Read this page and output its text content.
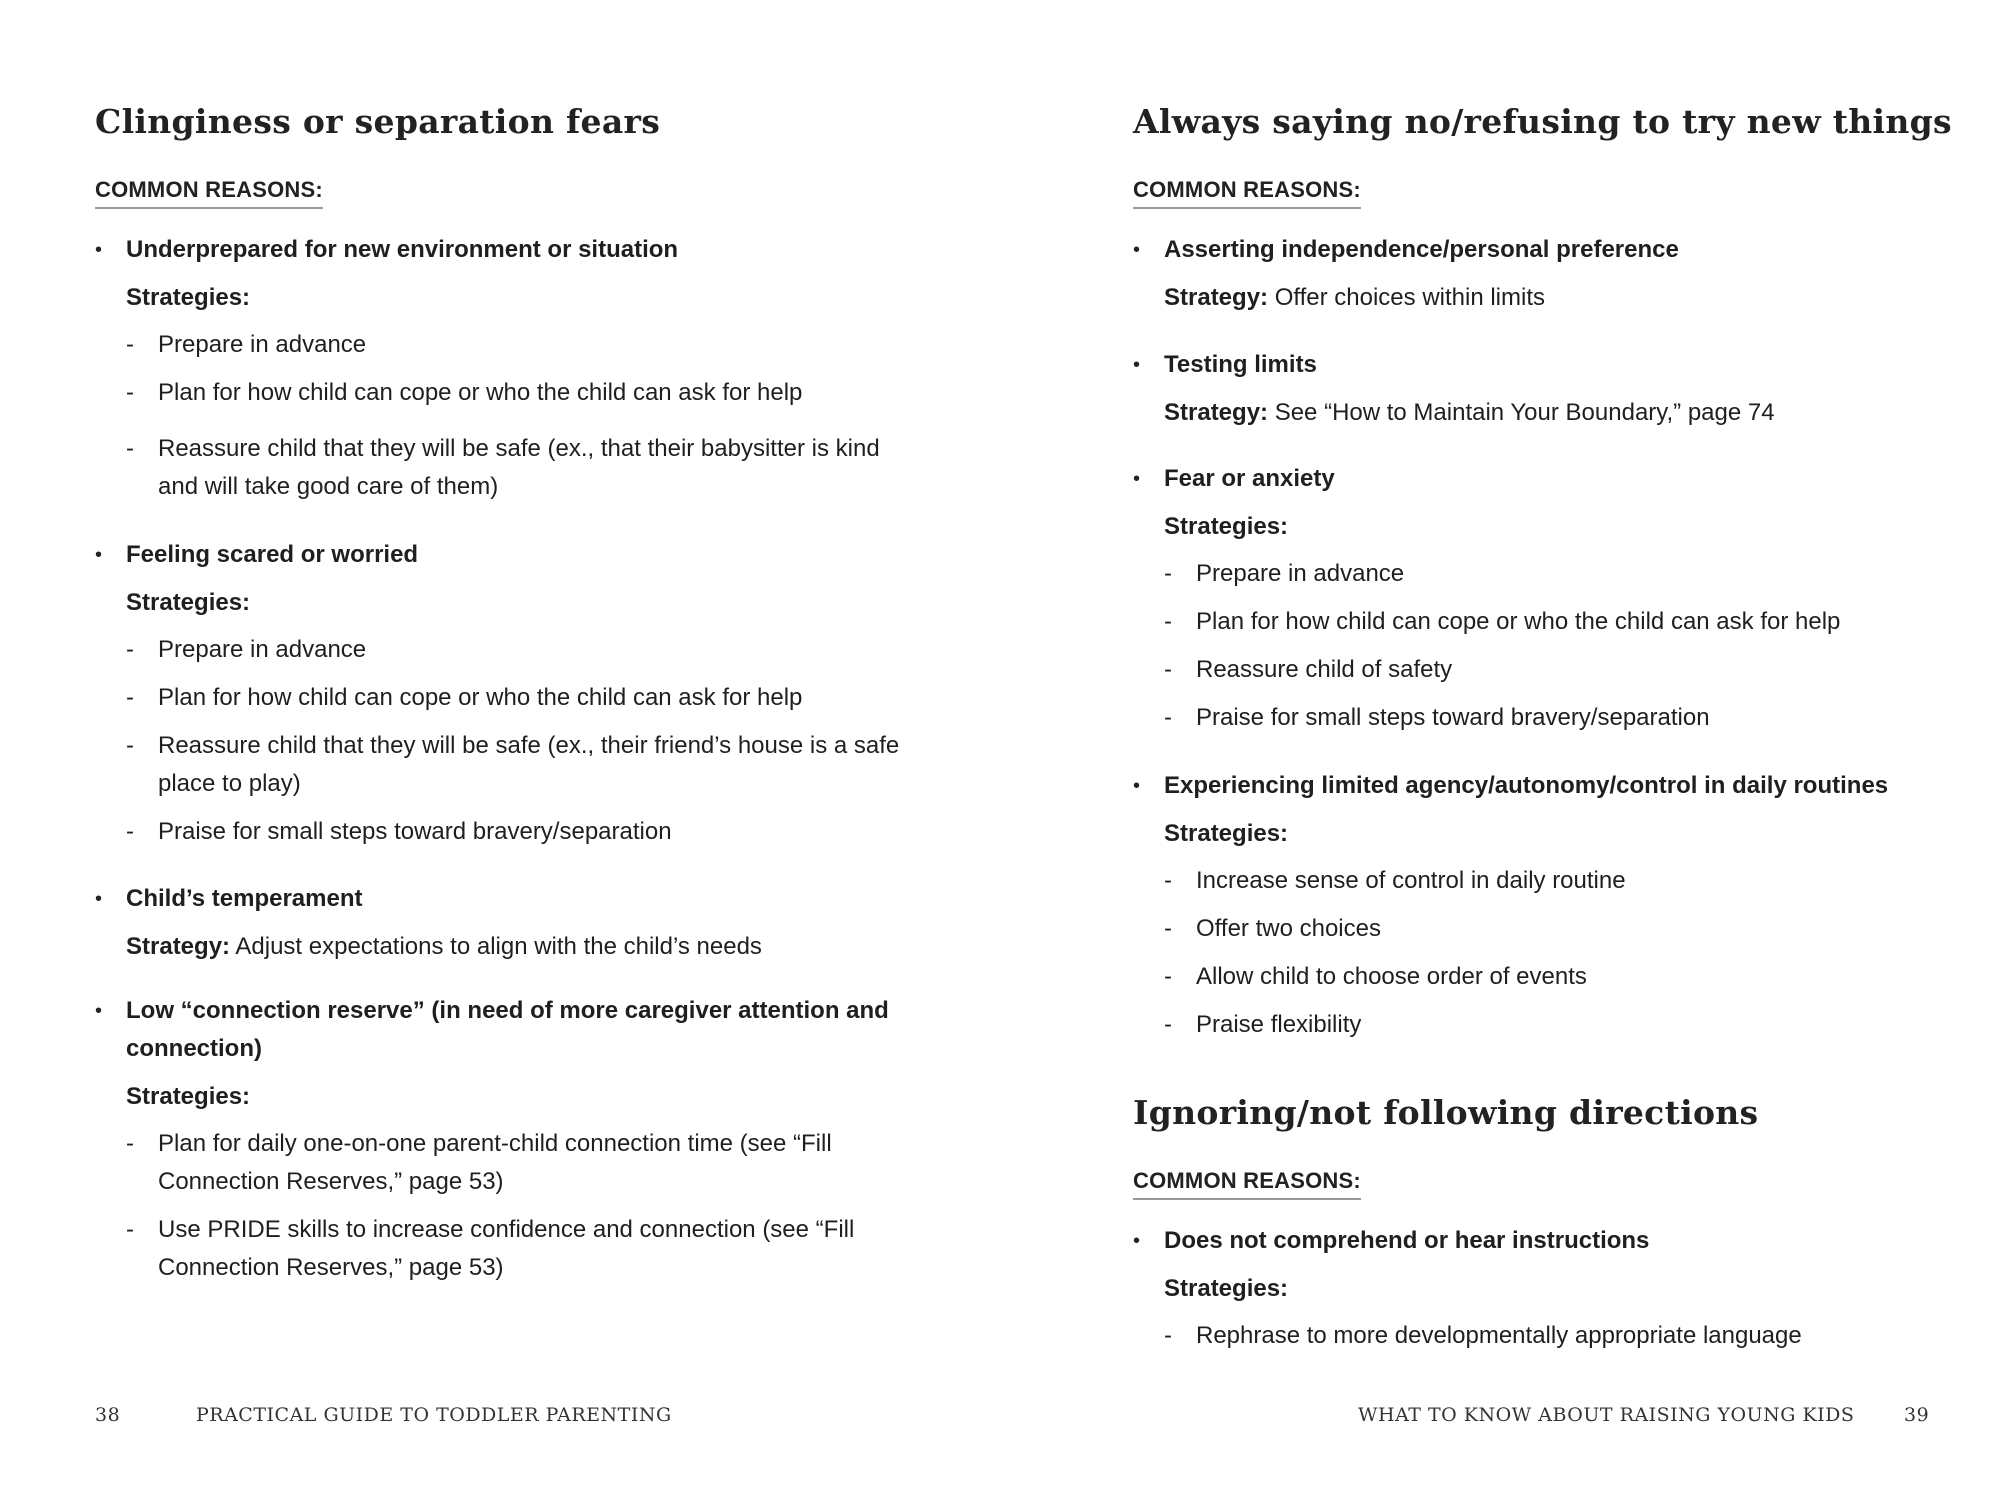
Clinginess or separation fears
COMMON REASONS:
• Underprepared for new environment or situation
Strategies:
-	Prepare in advance
-	Plan for how child can cope or who the child can ask for help
-	Reassure child that they will be safe (ex., that their babysitter is kind and will take good care of them)
• Feeling scared or worried
Strategies:
-	Prepare in advance
-	Plan for how child can cope or who the child can ask for help
-	Reassure child that they will be safe (ex., their friend’s house is a safe place to play)
-	Praise for small steps toward bravery/separation
• Child’s temperament
Strategy: Adjust expectations to align with the child’s needs
• Low “connection reserve” (in need of more caregiver attention and connection)
Strategies:
-	Plan for daily one-on-one parent-child connection time (see “Fill Connection Reserves,” page 53)
-	Use PRIDE skills to increase confidence and connection (see “Fill Connection Reserves,” page 53)
38	PRACTICAL GUIDE TO TODDLER PARENTING
Always saying no/refusing to try new things
COMMON REASONS:
• Asserting independence/personal preference
Strategy: Offer choices within limits
• Testing limits
Strategy: See “How to Maintain Your Boundary,” page 74
• Fear or anxiety
Strategies:
-	Prepare in advance
-	Plan for how child can cope or who the child can ask for help
-	Reassure child of safety
-	Praise for small steps toward bravery/separation
• Experiencing limited agency/autonomy/control in daily routines
Strategies:
-	Increase sense of control in daily routine
-	Offer two choices
-	Allow child to choose order of events
-	Praise flexibility
Ignoring/not following directions
COMMON REASONS:
• Does not comprehend or hear instructions
Strategies:
-	Rephrase to more developmentally appropriate language
WHAT TO KNOW ABOUT RAISING YOUNG KIDS	39
